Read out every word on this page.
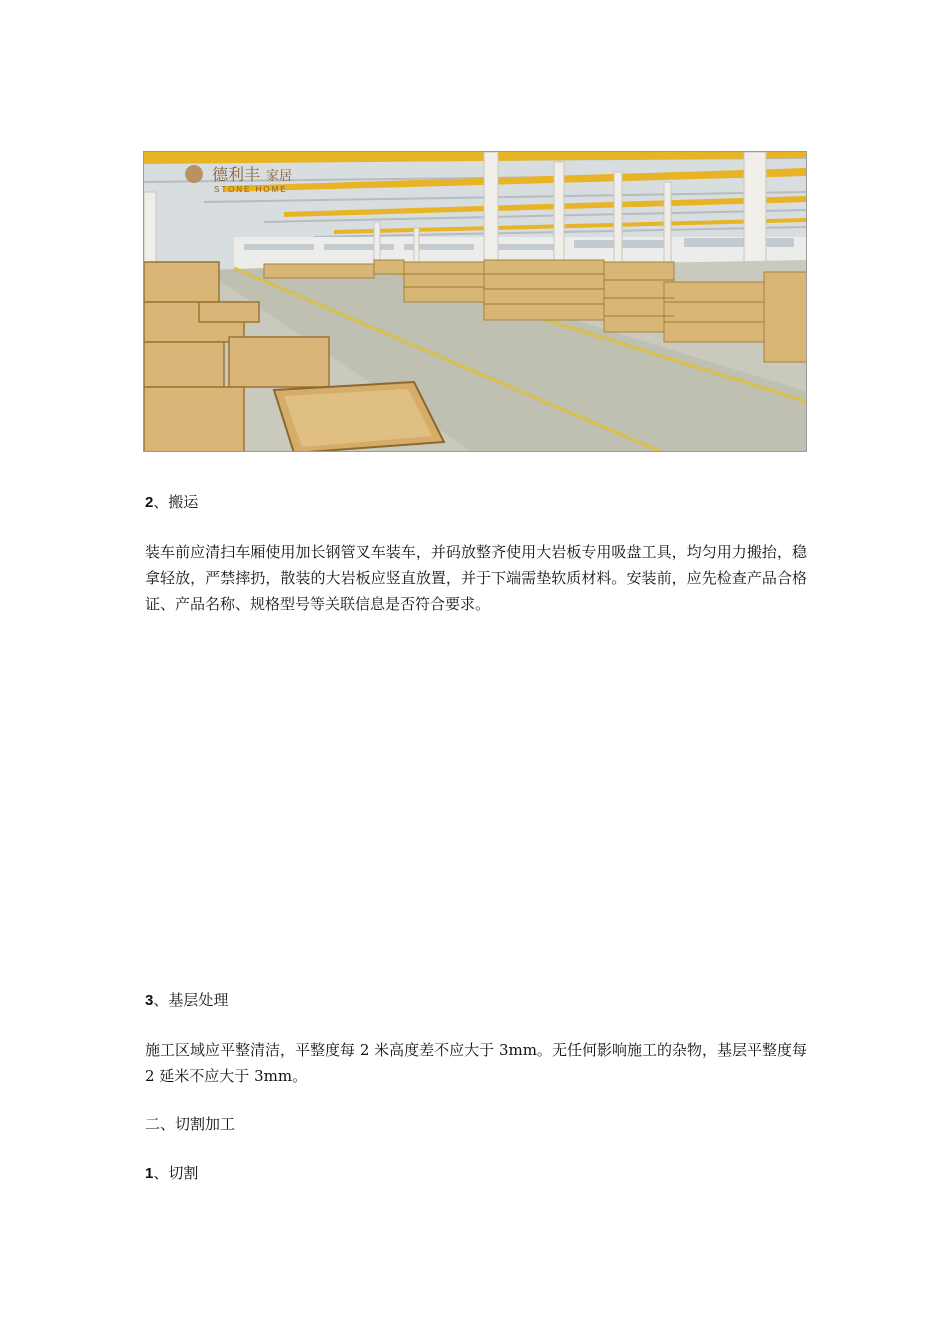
德利丰 家居
STONE HOME
2、搬运

装车前应清扫车厢使用加长钢管叉车装车，并码放整齐使用大岩板专用吸盘工具，均匀用力搬抬，稳拿轻放，严禁摔扔，散装的大岩板应竖直放置，并于下端需垫软质材料。安装前，应先检查产品合格证、产品名称、规格型号等关联信息是否符合要求。

3、基层处理

施工区域应平整清洁，平整度每 2 米高度差不应大于 3mm。无任何影响施工的杂物，基层平整度每 2 延米不应大于 3mm。

二、切割加工
1、切割
